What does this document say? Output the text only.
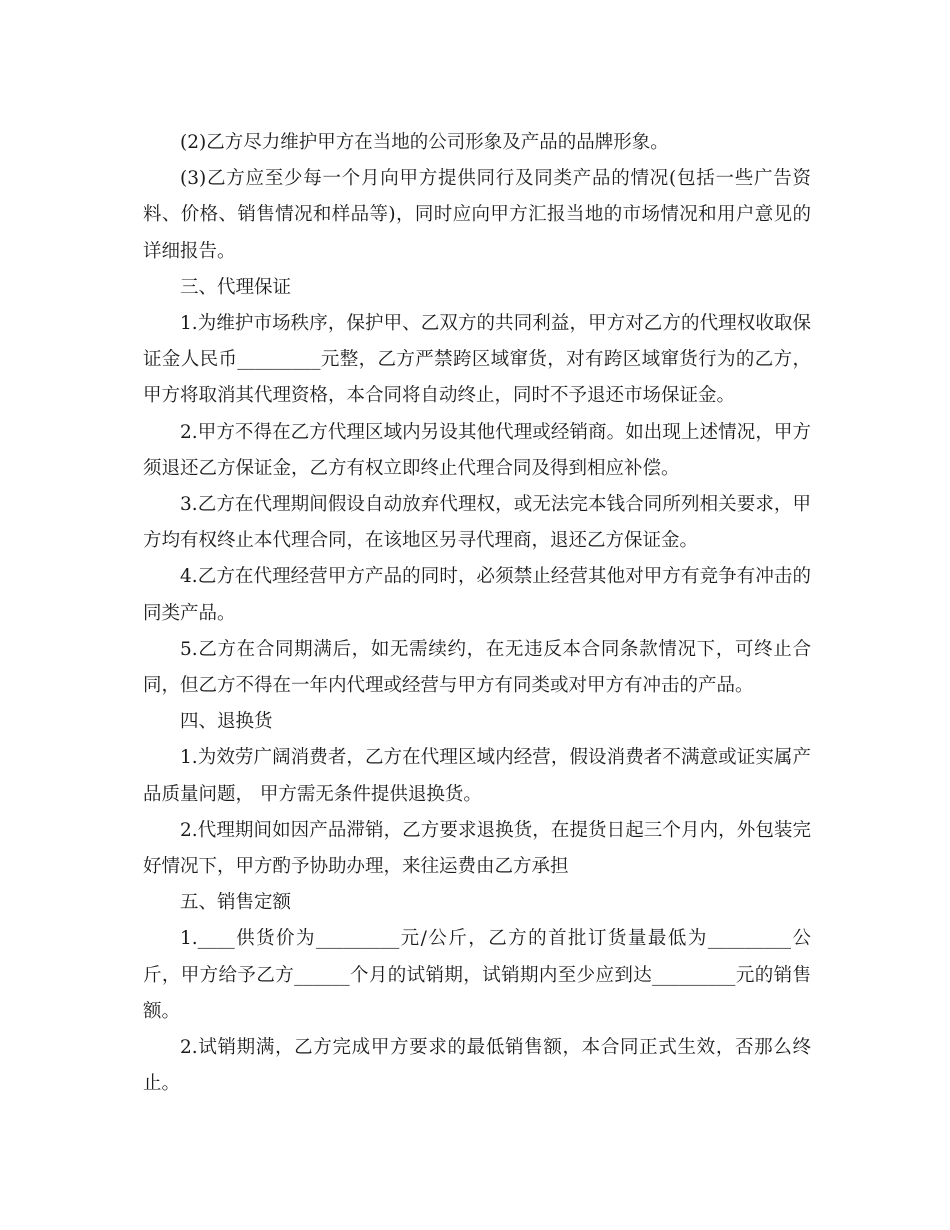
(2)乙方尽力维护甲方在当地的公司形象及产品的品牌形象。

(3)乙方应至少每一个月向甲方提供同行及同类产品的情况(包括一些广告资料、价格、销售情况和样品等)，同时应向甲方汇报当地的市场情况和用户意见的详细报告。

三、代理保证

1.为维护市场秩序，保护甲、乙双方的共同利益，甲方对乙方的代理权收取保证金人民币_________元整，乙方严禁跨区域窜货，对有跨区域窜货行为的乙方，甲方将取消其代理资格，本合同将自动终止，同时不予退还市场保证金。

2.甲方不得在乙方代理区域内另设其他代理或经销商。如出现上述情况，甲方须退还乙方保证金，乙方有权立即终止代理合同及得到相应补偿。

3.乙方在代理期间假设自动放弃代理权，或无法完本钱合同所列相关要求，甲方均有权终止本代理合同，在该地区另寻代理商，退还乙方保证金。

4.乙方在代理经营甲方产品的同时，必须禁止经营其他对甲方有竞争有冲击的同类产品。

5.乙方在合同期满后，如无需续约，在无违反本合同条款情况下，可终止合同，但乙方不得在一年内代理或经营与甲方有同类或对甲方有冲击的产品。

四、退换货

1.为效劳广阔消费者，乙方在代理区域内经营，假设消费者不满意或证实属产品质量问题， 甲方需无条件提供退换货。

2.代理期间如因产品滞销，乙方要求退换货，在提货日起三个月内，外包装完好情况下，甲方酌予协助办理，来往运费由乙方承担

五、销售定额

1.____供货价为_________元/公斤，乙方的首批订货量最低为_________公斤，甲方给予乙方______个月的试销期，试销期内至少应到达_________元的销售额。

2.试销期满，乙方完成甲方要求的最低销售额，本合同正式生效，否那么终止。
